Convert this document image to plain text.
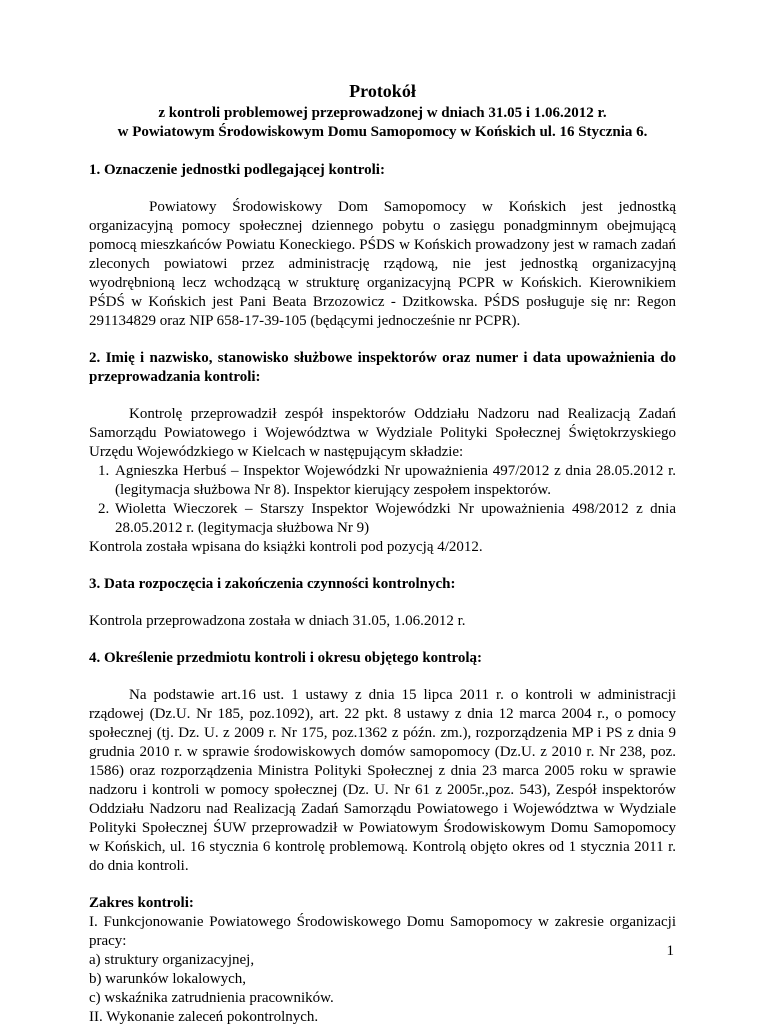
Protokół
z kontroli problemowej przeprowadzonej w dniach 31.05 i 1.06.2012 r.
w Powiatowym Środowiskowym Domu Samopomocy w Końskich ul. 16 Stycznia 6.
1. Oznaczenie jednostki podlegającej kontroli:

Powiatowy Środowiskowy Dom Samopomocy w Końskich jest jednostką organizacyjną pomocy społecznej dziennego pobytu o zasięgu ponadgminnym obejmującą pomocą mieszkańców Powiatu Koneckiego. PŚDS w Końskich prowadzony jest w ramach zadań zleconych powiatowi przez administrację rządową, nie jest jednostką organizacyjną wyodrębnioną lecz wchodzącą w strukturę organizacyjną PCPR w Końskich. Kierownikiem PŚDŚ w Końskich jest Pani Beata Brzozowicz - Dzitkowska. PŚDS posługuje się nr: Regon 291134829 oraz NIP 658-17-39-105 (będącymi jednocześnie nr PCPR).

2. Imię i nazwisko, stanowisko służbowe inspektorów oraz numer i data upoważnienia do przeprowadzania kontroli:

Kontrolę przeprowadził zespół inspektorów Oddziału Nadzoru nad Realizacją Zadań Samorządu Powiatowego i Województwa w Wydziale Polityki Społecznej Świętokrzyskiego Urzędu Wojewódzkiego w Kielcach w następującym składzie:

1. Agnieszka Herbuś – Inspektor Wojewódzki Nr upoważnienia 497/2012 z dnia 28.05.2012 r. (legitymacja służbowa Nr 8). Inspektor kierujący zespołem inspektorów.
2. Wioletta Wieczorek – Starszy Inspektor Wojewódzki Nr upoważnienia 498/2012 z dnia 28.05.2012 r. (legitymacja służbowa Nr 9)

Kontrola została wpisana do książki kontroli pod pozycją 4/2012.

3. Data rozpoczęcia i zakończenia czynności kontrolnych:

Kontrola przeprowadzona została w dniach 31.05, 1.06.2012 r.

4. Określenie przedmiotu kontroli i okresu objętego kontrolą:

Na podstawie art.16 ust. 1 ustawy z dnia 15 lipca 2011 r. o kontroli w administracji rządowej (Dz.U. Nr 185, poz.1092), art. 22 pkt. 8 ustawy z dnia 12 marca 2004 r., o pomocy społecznej (tj. Dz. U. z 2009 r. Nr 175, poz.1362 z późn. zm.), rozporządzenia MP i PS z dnia 9 grudnia 2010 r. w sprawie środowiskowych domów samopomocy (Dz.U. z 2010 r. Nr 238, poz. 1586) oraz rozporządzenia Ministra Polityki Społecznej z dnia 23 marca 2005 roku w sprawie nadzoru i kontroli w pomocy społecznej (Dz. U. Nr 61 z 2005r.,poz. 543), Zespół inspektorów Oddziału Nadzoru nad Realizacją Zadań Samorządu Powiatowego i Województwa w Wydziale Polityki Społecznej ŚUW przeprowadził w Powiatowym Środowiskowym Domu Samopomocy w Końskich, ul. 16 stycznia 6 kontrolę problemową. Kontrolą objęto okres od 1 stycznia 2011 r. do dnia kontroli.

Zakres kontroli:
I. Funkcjonowanie Powiatowego Środowiskowego Domu Samopomocy w zakresie organizacji pracy:
a) struktury organizacyjnej,
b) warunków lokalowych,
c) wskaźnika zatrudnienia pracowników.
II. Wykonanie zaleceń pokontrolnych.
1
